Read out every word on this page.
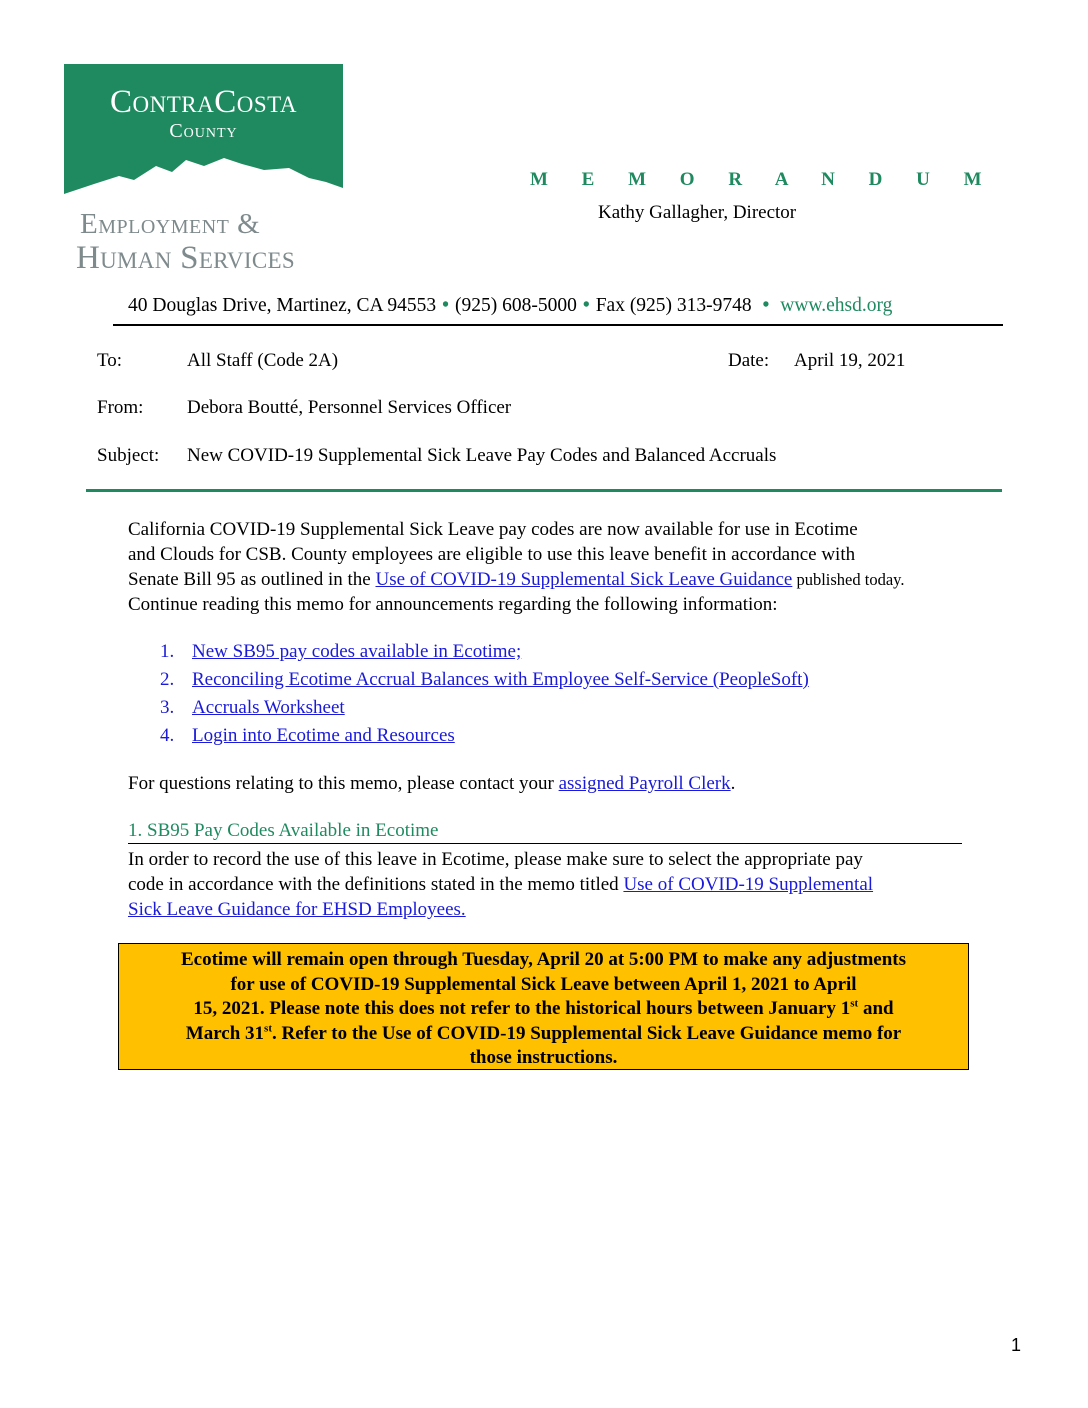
ContraCosta
County
Employment &
Human Services
M E M O R A N D U M
Kathy Gallagher, Director
40 Douglas Drive, Martinez, CA 94553 • (925) 608-5000 • Fax (925) 313-9748 • www.ehsd.org
To:	All Staff (Code 2A)	Date: April 19, 2021
From: Debora Boutté, Personnel Services Officer
Subject: New COVID-19 Supplemental Sick Leave Pay Codes and Balanced Accruals
California COVID-19 Supplemental Sick Leave pay codes are now available for use in Ecotime
and Clouds for CSB. County employees are eligible to use this leave benefit in accordance with
Senate Bill 95 as outlined in the Use of COVID-19 Supplemental Sick Leave Guidance published today.
Continue reading this memo for announcements regarding the following information:
1. New SB95 pay codes available in Ecotime;
2. Reconciling Ecotime Accrual Balances with Employee Self-Service (PeopleSoft)
3. Accruals Worksheet
4. Login into Ecotime and Resources
For questions relating to this memo, please contact your assigned Payroll Clerk.
1. SB95 Pay Codes Available in Ecotime
In order to record the use of this leave in Ecotime, please make sure to select the appropriate pay
code in accordance with the definitions stated in the memo titled Use of COVID-19 Supplemental
Sick Leave Guidance for EHSD Employees.
Ecotime will remain open through Tuesday, April 20 at 5:00 PM to make any adjustments
for use of COVID-19 Supplemental Sick Leave between April 1, 2021 to April
15, 2021. Please note this does not refer to the historical hours between January 1st and
March 31st. Refer to the Use of COVID-19 Supplemental Sick Leave Guidance memo for
those instructions.
1
